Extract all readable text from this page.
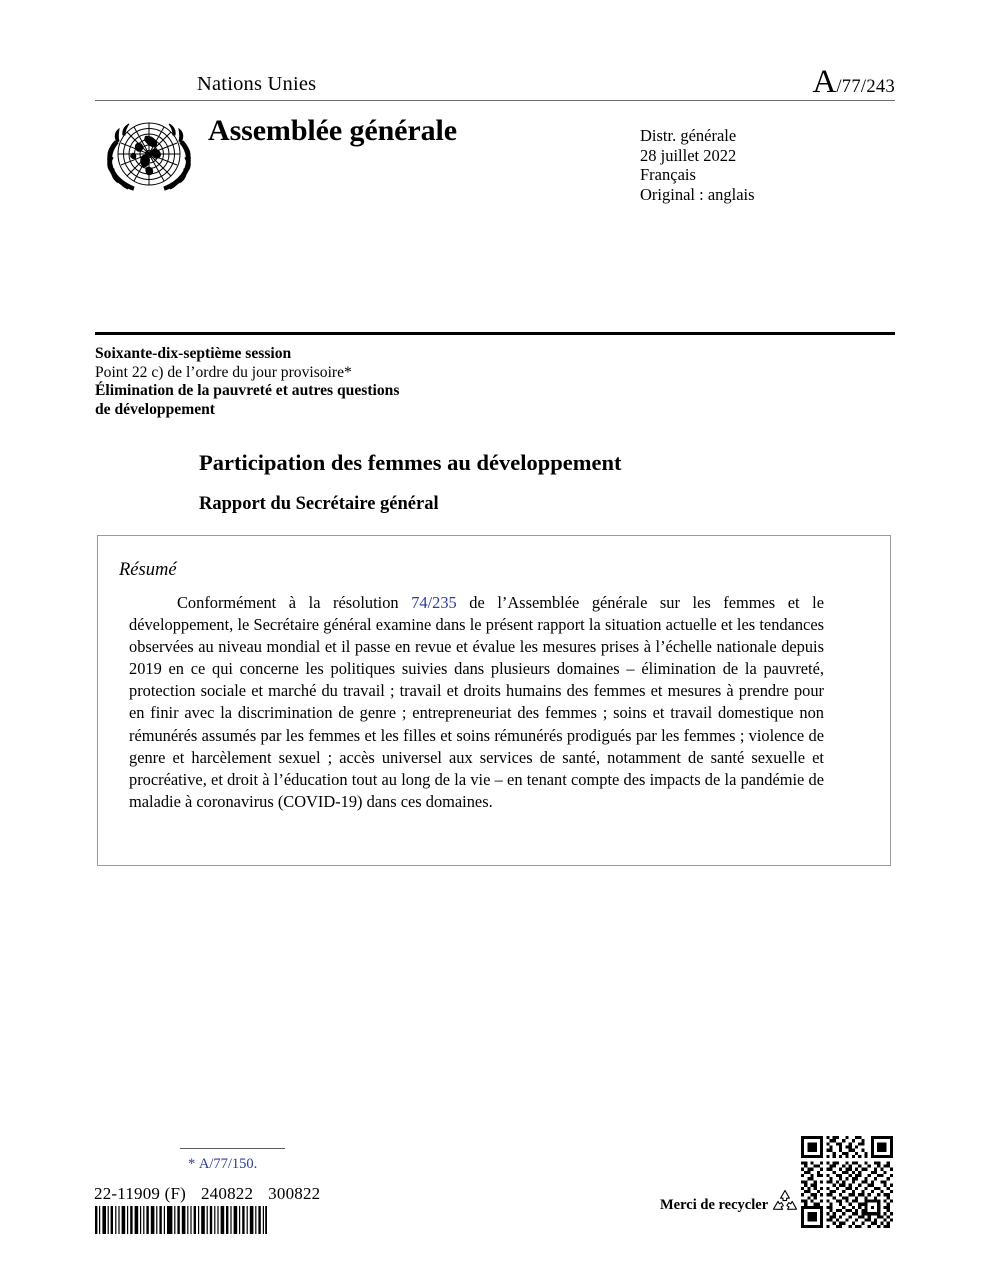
Nations Unies	A/77/243
Assemblée générale	Distr. générale
28 juillet 2022
Français
Original : anglais
Soixante-dix-septième session
Point 22 c) de l’ordre du jour provisoire*
Élimination de la pauvreté et autres questions
de développement
Participation des femmes au développement
Rapport du Secrétaire général
Résumé
Conformément à la résolution 74/235 de l’Assemblée générale sur les femmes et le développement, le Secrétaire général examine dans le présent rapport la situation actuelle et les tendances observées au niveau mondial et il passe en revue et évalue les mesures prises à l’échelle nationale depuis 2019 en ce qui concerne les politiques suivies dans plusieurs domaines – élimination de la pauvreté, protection sociale et marché du travail ; travail et droits humains des femmes et mesures à prendre pour en finir avec la discrimination de genre ; entrepreneuriat des femmes ; soins et travail domestique non rémunérés assumés par les femmes et les filles et soins rémunérés prodigués par les femmes ; violence de genre et harcèlement sexuel ; accès universel aux services de santé, notamment de santé sexuelle et procréative, et droit à l’éducation tout au long de la vie – en tenant compte des impacts de la pandémie de maladie à coronavirus (COVID-19) dans ces domaines.
* A/77/150.
22-11909 (F) 240822 300822
Merci de recycler
